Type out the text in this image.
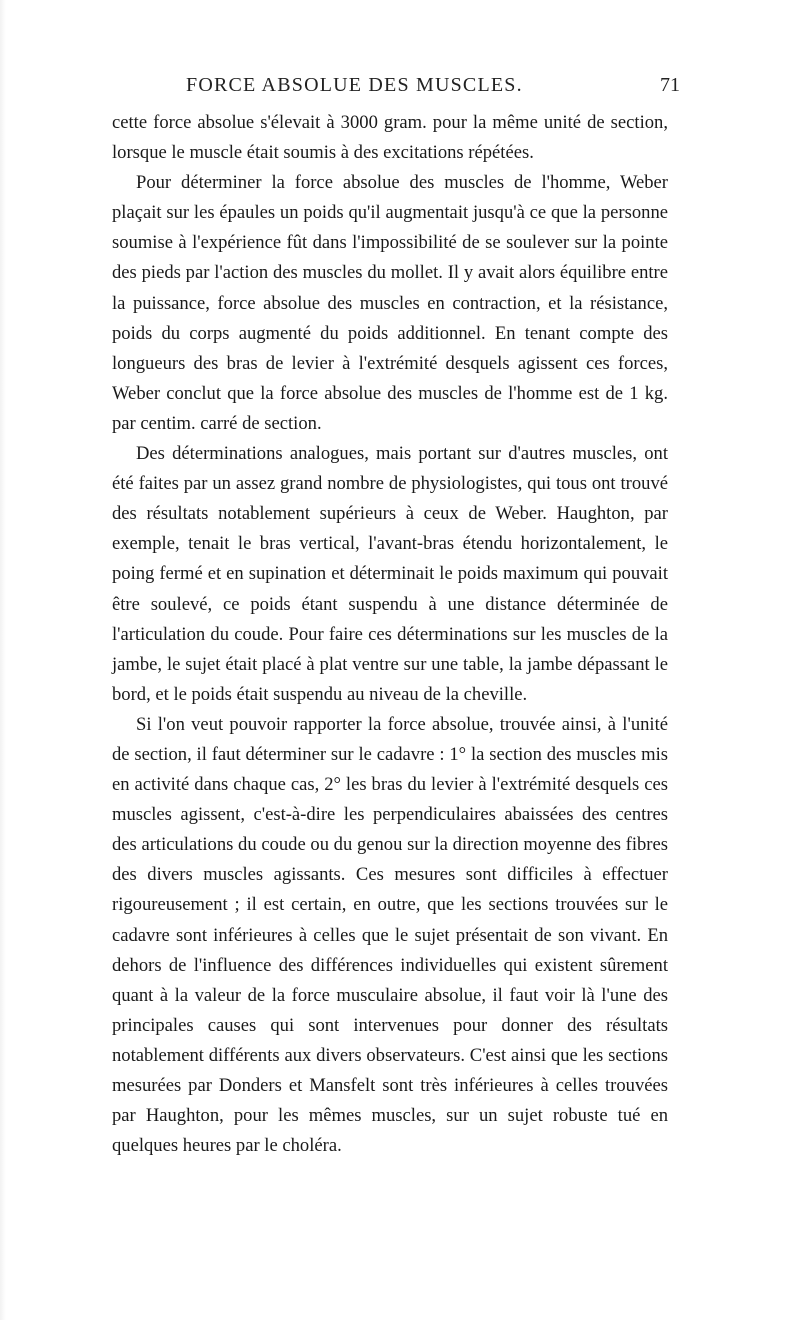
FORCE ABSOLUE DES MUSCLES.	71

cette force absolue s'élevait à 3000 gram. pour la même unité de section, lorsque le muscle était soumis à des excitations répétées.

Pour déterminer la force absolue des muscles de l'homme, Weber plaçait sur les épaules un poids qu'il augmentait jusqu'à ce que la personne soumise à l'expérience fût dans l'impossibilité de se soulever sur la pointe des pieds par l'action des muscles du mollet. Il y avait alors équilibre entre la puissance, force absolue des muscles en contraction, et la résistance, poids du corps augmenté du poids additionnel. En tenant compte des longueurs des bras de levier à l'extrémité desquels agissent ces forces, Weber conclut que la force absolue des muscles de l'homme est de 1 kg. par centim. carré de section.

Des déterminations analogues, mais portant sur d'autres muscles, ont été faites par un assez grand nombre de physiologistes, qui tous ont trouvé des résultats notablement supérieurs à ceux de Weber. Haughton, par exemple, tenait le bras vertical, l'avant-bras étendu horizontalement, le poing fermé et en supination et déterminait le poids maximum qui pouvait être soulevé, ce poids étant suspendu à une distance déterminée de l'articulation du coude. Pour faire ces déterminations sur les muscles de la jambe, le sujet était placé à plat ventre sur une table, la jambe dépassant le bord, et le poids était suspendu au niveau de la cheville.

Si l'on veut pouvoir rapporter la force absolue, trouvée ainsi, à l'unité de section, il faut déterminer sur le cadavre : 1° la section des muscles mis en activité dans chaque cas, 2° les bras du levier à l'extrémité desquels ces muscles agissent, c'est-à-dire les perpendiculaires abaissées des centres des articulations du coude ou du genou sur la direction moyenne des fibres des divers muscles agissants. Ces mesures sont difficiles à effectuer rigoureusement ; il est certain, en outre, que les sections trouvées sur le cadavre sont inférieures à celles que le sujet présentait de son vivant. En dehors de l'influence des différences individuelles qui existent sûrement quant à la valeur de la force musculaire absolue, il faut voir là l'une des principales causes qui sont intervenues pour donner des résultats notablement différents aux divers observateurs. C'est ainsi que les sections mesurées par Donders et Mansfelt sont très inférieures à celles trouvées par Haughton, pour les mêmes muscles, sur un sujet robuste tué en quelques heures par le choléra.
